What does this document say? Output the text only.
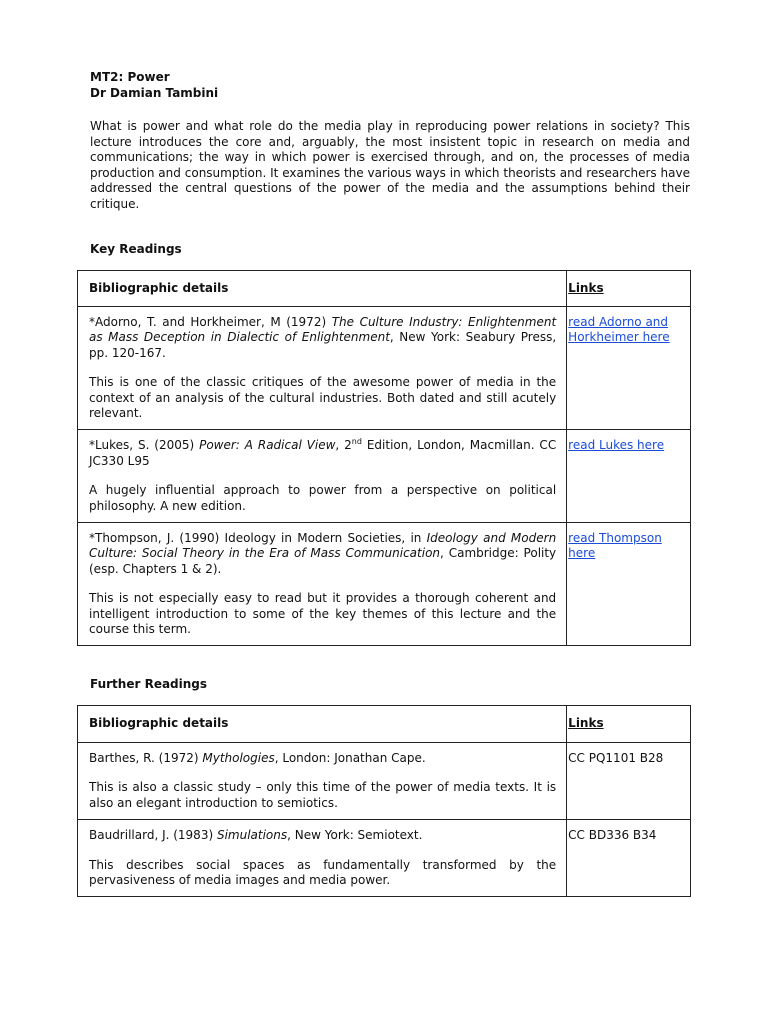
MT2: Power
Dr Damian Tambini
What is power and what role do the media play in reproducing power relations in society? This lecture introduces the core and, arguably, the most insistent topic in research on media and communications; the way in which power is exercised through, and on, the processes of media production and consumption. It examines the various ways in which theorists and researchers have addressed the central questions of the power of the media and the assumptions behind their critique.
Key Readings
Bibliographic details	Links

*Adorno, T. and Horkheimer, M (1972) The Culture Industry: Enlightenment as Mass Deception in Dialectic of Enlightenment, New York: Seabury Press, pp. 120-167.
This is one of the classic critiques of the awesome power of media in the context of an analysis of the cultural industries. Both dated and still acutely relevant.	read Adorno and Horkheimer here

*Lukes, S. (2005) Power: A Radical View, 2nd Edition, London, Macmillan. CC JC330 L95
A hugely influential approach to power from a perspective on political philosophy. A new edition.	read Lukes here

*Thompson, J. (1990) Ideology in Modern Societies, in Ideology and Modern Culture: Social Theory in the Era of Mass Communication, Cambridge: Polity (esp. Chapters 1 & 2).
This is not especially easy to read but it provides a thorough coherent and intelligent introduction to some of the key themes of this lecture and the course this term.	read Thompson here
Further Readings
Bibliographic details	Links

Barthes, R. (1972) Mythologies, London: Jonathan Cape.
This is also a classic study – only this time of the power of media texts. It is also an elegant introduction to semiotics.	CC PQ1101 B28

Baudrillard, J. (1983) Simulations, New York: Semiotext.
This describes social spaces as fundamentally transformed by the pervasiveness of media images and media power.	CC BD336 B34
